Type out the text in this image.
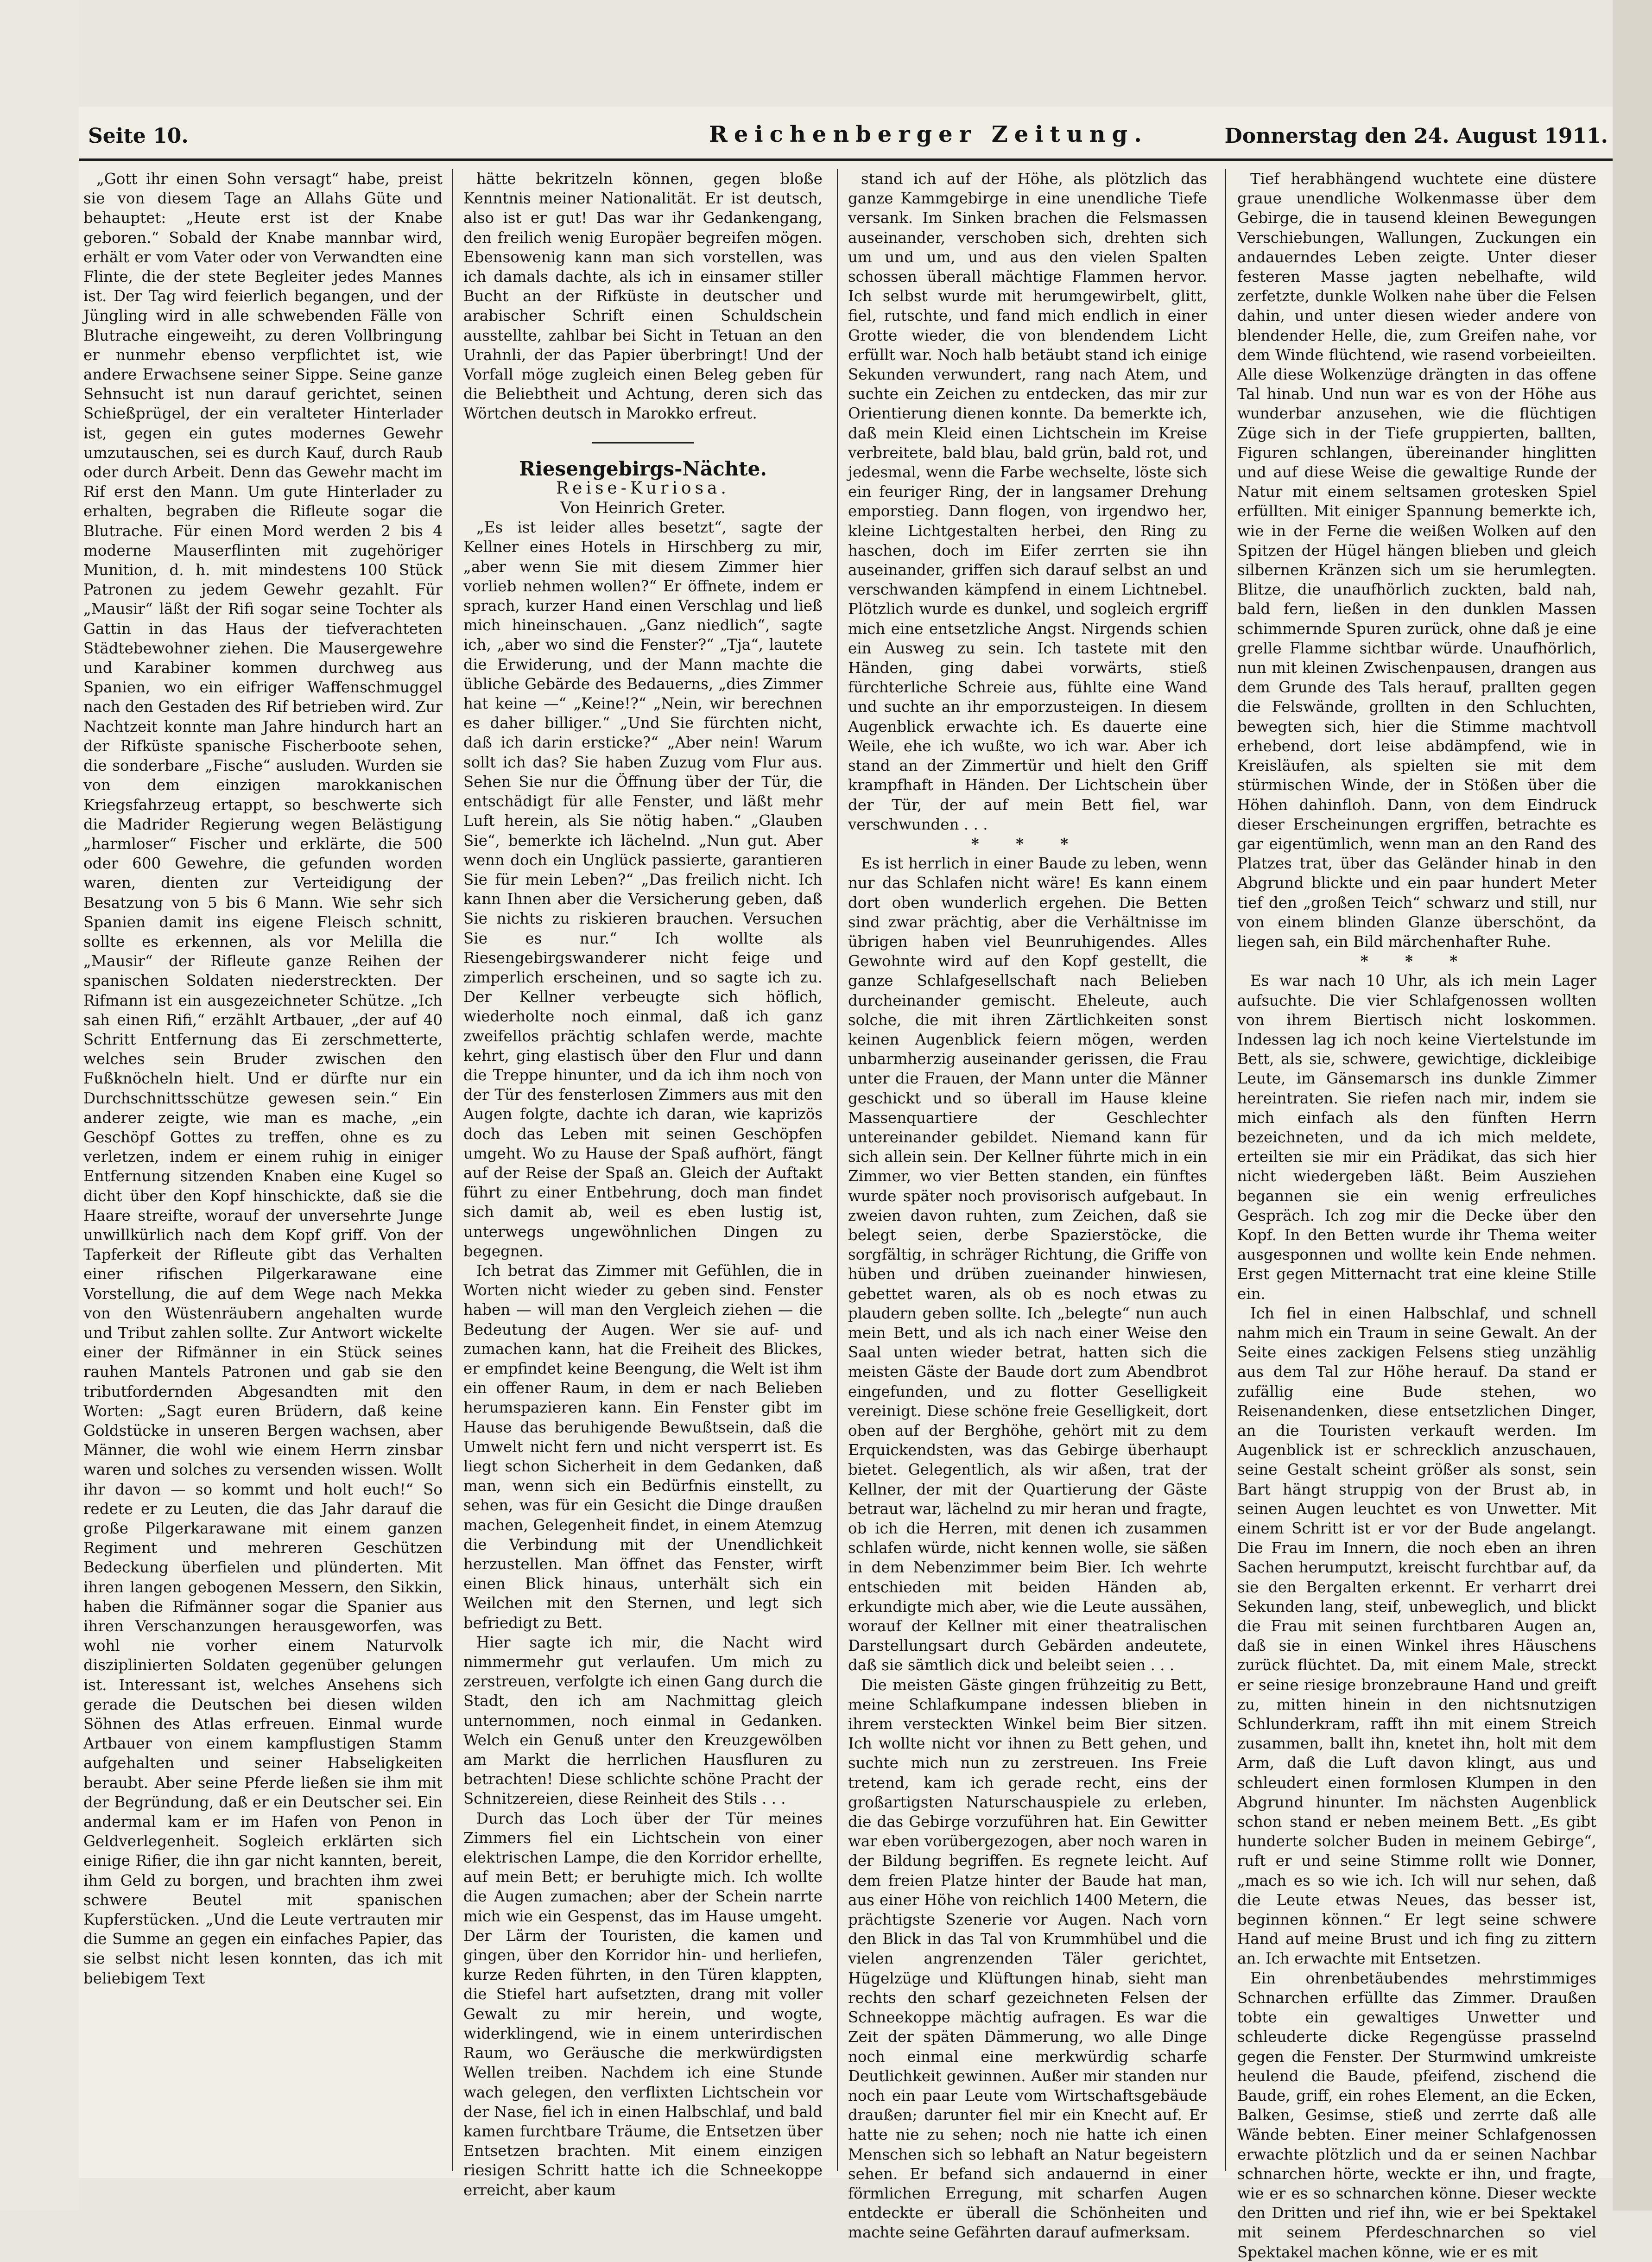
Seite 10.	Reichenberger Zeitung.	Donnerstag den 24. August 1911.

„Gott ihr einen Sohn versagt“ habe, preist sie von diesem Tage an Allahs Güte und behauptet: „Heute erst ist der Knabe geboren.“ Sobald der Knabe mannbar wird, erhält er vom Vater oder von Verwandten eine Flinte, die der stete Begleiter jedes Mannes ist. Der Tag wird feierlich begangen, und der Jüngling wird in alle schwebenden Fälle von Blutrache eingeweiht, zu deren Vollbringung er nunmehr ebenso verpflichtet ist, wie andere Erwachsene seiner Sippe. Seine ganze Sehnsucht ist nun darauf gerichtet, seinen Schießprügel, der ein veralteter Hinterlader ist, gegen ein gutes modernes Gewehr umzutauschen, sei es durch Kauf, durch Raub oder durch Arbeit. Denn das Gewehr macht im Rif erst den Mann. Um gute Hinterlader zu erhalten, begraben die Rifleute sogar die Blutrache. Für einen Mord werden 2 bis 4 moderne Mauserflinten mit zugehöriger Munition, d. h. mit mindestens 100 Stück Patronen zu jedem Gewehr gezahlt. Für „Mausir“ läßt der Rifi sogar seine Tochter als Gattin in das Haus der tiefverachteten Städtebewohner ziehen. Die Mausergewehre und Karabiner kommen durchweg aus Spanien, wo ein eifriger Waffenschmuggel nach den Gestaden des Rif betrieben wird. Zur Nachtzeit konnte man Jahre hindurch hart an der Rifküste spanische Fischerboote sehen, die sonderbare „Fische“ ausluden. Wurden sie von dem einzigen marokkanischen Kriegsfahrzeug ertappt, so beschwerte sich die Madrider Regierung wegen Belästigung „harmloser“ Fischer und erklärte, die 500 oder 600 Gewehre, die gefunden worden waren, dienten zur Verteidigung der Besatzung von 5 bis 6 Mann. Wie sehr sich Spanien damit ins eigene Fleisch schnitt, sollte es erkennen, als vor Melilla die „Mausir“ der Rifleute ganze Reihen der spanischen Soldaten niederstreckten. Der Rifmann ist ein ausgezeichneter Schütze. „Ich sah einen Rifi,“ erzählt Artbauer, „der auf 40 Schritt Entfernung das Ei zerschmetterte, welches sein Bruder zwischen den Fußknöcheln hielt. Und er dürfte nur ein Durchschnittsschütze gewesen sein.“ Ein anderer zeigte, wie man es mache, „ein Geschöpf Gottes zu treffen, ohne es zu verletzen, indem er einem ruhig in einiger Entfernung sitzenden Knaben eine Kugel so dicht über den Kopf hinschickte, daß sie die Haare streifte, worauf der unversehrte Junge unwillkürlich nach dem Kopf griff. Von der Tapferkeit der Rifleute gibt das Verhalten einer rifischen Pilgerkarawane eine Vorstellung, die auf dem Wege nach Mekka von den Wüstenräubern angehalten wurde und Tribut zahlen sollte. Zur Antwort wickelte einer der Rifmänner in ein Stück seines rauhen Mantels Patronen und gab sie den tributfordernden Abgesandten mit den Worten: „Sagt euren Brüdern, daß keine Goldstücke in unseren Bergen wachsen, aber Männer, die wohl wie einem Herrn zinsbar waren und solches zu versenden wissen. Wollt ihr davon — so kommt und holt euch!“ So redete er zu Leuten, die das Jahr darauf die große Pilgerkarawane mit einem ganzen Regiment und mehreren Geschützen Bedeckung überfielen und plünderten. Mit ihren langen gebogenen Messern, den Sikkin, haben die Rifmänner sogar die Spanier aus ihren Verschanzungen herausgeworfen, was wohl nie vorher einem Naturvolk disziplinierten Soldaten gegenüber gelungen ist. Interessant ist, welches Ansehens sich gerade die Deutschen bei diesen wilden Söhnen des Atlas erfreuen. Einmal wurde Artbauer von einem kampflustigen Stamm aufgehalten und seiner Habseligkeiten beraubt. Aber seine Pferde ließen sie ihm mit der Begründung, daß er ein Deutscher sei. Ein andermal kam er im Hafen von Penon in Geldverlegenheit. Sogleich erklärten sich einige Rifier, die ihn gar nicht kannten, bereit, ihm Geld zu borgen, und brachten ihm zwei schwere Beutel mit spanischen Kupferstücken. „Und die Leute vertrauten mir die Summe an gegen ein einfaches Papier, das sie selbst nicht lesen konnten, das ich mit beliebigem Text

hätte bekritzeln können, gegen bloße Kenntnis meiner Nationalität. Er ist deutsch, also ist er gut! Das war ihr Gedankengang, den freilich wenig Europäer begreifen mögen. Ebensowenig kann man sich vorstellen, was ich damals dachte, als ich in einsamer stiller Bucht an der Rifküste in deutscher und arabischer Schrift einen Schuldschein ausstellte, zahlbar bei Sicht in Tetuan an den Urahnli, der das Papier überbringt! Und der Vorfall möge zugleich einen Beleg geben für die Beliebtheit und Achtung, deren sich das Wörtchen deutsch in Marokko erfreut.

Riesengebirgs-Nächte.

Reise-Kuriosa.

Von Heinrich Greter.

„Es ist leider alles besetzt“, sagte der Kellner eines Hotels in Hirschberg zu mir, „aber wenn Sie mit diesem Zimmer hier vorlieb nehmen wollen?“ Er öffnete, indem er sprach, kurzer Hand einen Verschlag und ließ mich hineinschauen. „Ganz niedlich“, sagte ich, „aber wo sind die Fenster?“ „Tja“, lautete die Erwiderung, und der Mann machte die übliche Gebärde des Bedauerns, „dies Zimmer hat keine —“ „Keine!?“ „Nein, wir berechnen es daher billiger.“ „Und Sie fürchten nicht, daß ich darin ersticke?“ „Aber nein! Warum sollt ich das? Sie haben Zuzug vom Flur aus. Sehen Sie nur die Öffnung über der Tür, die entschädigt für alle Fenster, und läßt mehr Luft herein, als Sie nötig haben.“ „Glauben Sie“, bemerkte ich lächelnd. „Nun gut. Aber wenn doch ein Unglück passierte, garantieren Sie für mein Leben?“ „Das freilich nicht. Ich kann Ihnen aber die Versicherung geben, daß Sie nichts zu riskieren brauchen. Versuchen Sie es nur.“ Ich wollte als Riesengebirgswanderer nicht feige und zimperlich erscheinen, und so sagte ich zu. Der Kellner verbeugte sich höflich, wiederholte noch einmal, daß ich ganz zweifellos prächtig schlafen werde, machte kehrt, ging elastisch über den Flur und dann die Treppe hinunter, und da ich ihm noch von der Tür des fensterlosen Zimmers aus mit den Augen folgte, dachte ich daran, wie kaprizös doch das Leben mit seinen Geschöpfen umgeht. Wo zu Hause der Spaß aufhört, fängt auf der Reise der Spaß an. Gleich der Auftakt führt zu einer Entbehrung, doch man findet sich damit ab, weil es eben lustig ist, unterwegs ungewöhnlichen Dingen zu begegnen.

Ich betrat das Zimmer mit Gefühlen, die in Worten nicht wieder zu geben sind. Fenster haben — will man den Vergleich ziehen — die Bedeutung der Augen. Wer sie auf- und zumachen kann, hat die Freiheit des Blickes, er empfindet keine Beengung, die Welt ist ihm ein offener Raum, in dem er nach Belieben herumspazieren kann. Ein Fenster gibt im Hause das beruhigende Bewußtsein, daß die Umwelt nicht fern und nicht versperrt ist. Es liegt schon Sicherheit in dem Gedanken, daß man, wenn sich ein Bedürfnis einstellt, zu sehen, was für ein Gesicht die Dinge draußen machen, Gelegenheit findet, in einem Atemzug die Verbindung mit der Unendlichkeit herzustellen. Man öffnet das Fenster, wirft einen Blick hinaus, unterhält sich ein Weilchen mit den Sternen, und legt sich befriedigt zu Bett.

Hier sagte ich mir, die Nacht wird nimmermehr gut verlaufen. Um mich zu zerstreuen, verfolgte ich einen Gang durch die Stadt, den ich am Nachmittag gleich unternommen, noch einmal in Gedanken. Welch ein Genuß unter den Kreuzgewölben am Markt die herrlichen Hausfluren zu betrachten! Diese schlichte schöne Pracht der Schnitzereien, diese Reinheit des Stils . . .

Durch das Loch über der Tür meines Zimmers fiel ein Lichtschein von einer elektrischen Lampe, die den Korridor erhellte, auf mein Bett; er beruhigte mich. Ich wollte die Augen zumachen; aber der Schein narrte mich wie ein Gespenst, das im Hause umgeht. Der Lärm der Touristen, die kamen und gingen, über den Korridor hin- und herliefen, kurze Reden führten, in den Türen klappten, die Stiefel hart aufsetzten, drang mit voller Gewalt zu mir herein, und wogte, widerklingend, wie in einem unterirdischen Raum, wo Geräusche die merkwürdigsten Wellen treiben. Nachdem ich eine Stunde wach gelegen, den verflixten Lichtschein vor der Nase, fiel ich in einen Halbschlaf, und bald kamen furchtbare Träume, die Entsetzen über Entsetzen brachten. Mit einem einzigen riesigen Schritt hatte ich die Schneekoppe erreicht, aber kaum

stand ich auf der Höhe, als plötzlich das ganze Kammgebirge in eine unendliche Tiefe versank. Im Sinken brachen die Felsmassen auseinander, verschoben sich, drehten sich um und um, und aus den vielen Spalten schossen überall mächtige Flammen hervor. Ich selbst wurde mit herumgewirbelt, glitt, fiel, rutschte, und fand mich endlich in einer Grotte wieder, die von blendendem Licht erfüllt war. Noch halb betäubt stand ich einige Sekunden verwundert, rang nach Atem, und suchte ein Zeichen zu entdecken, das mir zur Orientierung dienen konnte. Da bemerkte ich, daß mein Kleid einen Lichtschein im Kreise verbreitete, bald blau, bald grün, bald rot, und jedesmal, wenn die Farbe wechselte, löste sich ein feuriger Ring, der in langsamer Drehung emporstieg. Dann flogen, von irgendwo her, kleine Lichtgestalten herbei, den Ring zu haschen, doch im Eifer zerrten sie ihn auseinander, griffen sich darauf selbst an und verschwanden kämpfend in einem Lichtnebel. Plötzlich wurde es dunkel, und sogleich ergriff mich eine entsetzliche Angst. Nirgends schien ein Ausweg zu sein. Ich tastete mit den Händen, ging dabei vorwärts, stieß fürchterliche Schreie aus, fühlte eine Wand und suchte an ihr emporzusteigen. In diesem Augenblick erwachte ich. Es dauerte eine Weile, ehe ich wußte, wo ich war. Aber ich stand an der Zimmertür und hielt den Griff krampfhaft in Händen. Der Lichtschein über der Tür, der auf mein Bett fiel, war verschwunden . . .

* * *

Es ist herrlich in einer Baude zu leben, wenn nur das Schlafen nicht wäre! Es kann einem dort oben wunderlich ergehen. Die Betten sind zwar prächtig, aber die Verhältnisse im übrigen haben viel Beunruhigendes. Alles Gewohnte wird auf den Kopf gestellt, die ganze Schlafgesellschaft nach Belieben durcheinander gemischt. Eheleute, auch solche, die mit ihren Zärtlichkeiten sonst keinen Augenblick feiern mögen, werden unbarmherzig auseinander gerissen, die Frau unter die Frauen, der Mann unter die Männer geschickt und so überall im Hause kleine Massenquartiere der Geschlechter untereinander gebildet. Niemand kann für sich allein sein. Der Kellner führte mich in ein Zimmer, wo vier Betten standen, ein fünftes wurde später noch provisorisch aufgebaut. In zweien davon ruhten, zum Zeichen, daß sie belegt seien, derbe Spazierstöcke, die sorgfältig, in schräger Richtung, die Griffe von hüben und drüben zueinander hinwiesen, gebettet waren, als ob es noch etwas zu plaudern geben sollte. Ich „belegte“ nun auch mein Bett, und als ich nach einer Weise den Saal unten wieder betrat, hatten sich die meisten Gäste der Baude dort zum Abendbrot eingefunden, und zu flotter Geselligkeit vereinigt. Diese schöne freie Geselligkeit, dort oben auf der Berghöhe, gehört mit zu dem Erquickendsten, was das Gebirge überhaupt bietet. Gelegentlich, als wir aßen, trat der Kellner, der mit der Quartierung der Gäste betraut war, lächelnd zu mir heran und fragte, ob ich die Herren, mit denen ich zusammen schlafen würde, nicht kennen wolle, sie säßen in dem Nebenzimmer beim Bier. Ich wehrte entschieden mit beiden Händen ab, erkundigte mich aber, wie die Leute aussähen, worauf der Kellner mit einer theatralischen Darstellungsart durch Gebärden andeutete, daß sie sämtlich dick und beleibt seien . . .

Die meisten Gäste gingen frühzeitig zu Bett, meine Schlafkumpane indessen blieben in ihrem versteckten Winkel beim Bier sitzen. Ich wollte nicht vor ihnen zu Bett gehen, und suchte mich nun zu zerstreuen. Ins Freie tretend, kam ich gerade recht, eins der großartigsten Naturschauspiele zu erleben, die das Gebirge vorzuführen hat. Ein Gewitter war eben vorübergezogen, aber noch waren in der Bildung begriffen. Es regnete leicht. Auf dem freien Platze hinter der Baude hat man, aus einer Höhe von reichlich 1400 Metern, die prächtigste Szenerie vor Augen. Nach vorn den Blick in das Tal von Krummhübel und die vielen angrenzenden Täler gerichtet, Hügelzüge und Klüftungen hinab, sieht man rechts den scharf gezeichneten Felsen der Schneekoppe mächtig aufragen. Es war die Zeit der späten Dämmerung, wo alle Dinge noch einmal eine merkwürdig scharfe Deutlichkeit gewinnen. Außer mir standen nur noch ein paar Leute vom Wirtschaftsgebäude draußen; darunter fiel mir ein Knecht auf. Er hatte nie zu sehen; noch nie hatte ich einen Menschen sich so lebhaft an Natur begeistern sehen. Er befand sich andauernd in einer förmlichen Erregung, mit scharfen Augen entdeckte er überall die Schönheiten und machte seine Gefährten darauf aufmerksam.

Tief herabhängend wuchtete eine düstere graue unendliche Wolkenmasse über dem Gebirge, die in tausend kleinen Bewegungen Verschiebungen, Wallungen, Zuckungen ein andauerndes Leben zeigte. Unter dieser festeren Masse jagten nebelhafte, wild zerfetzte, dunkle Wolken nahe über die Felsen dahin, und unter diesen wieder andere von blendender Helle, die, zum Greifen nahe, vor dem Winde flüchtend, wie rasend vorbeieilten. Alle diese Wolkenzüge drängten in das offene Tal hinab. Und nun war es von der Höhe aus wunderbar anzusehen, wie die flüchtigen Züge sich in der Tiefe gruppierten, ballten, Figuren schlangen, übereinander hinglitten und auf diese Weise die gewaltige Runde der Natur mit einem seltsamen grotesken Spiel erfüllten. Mit einiger Spannung bemerkte ich, wie in der Ferne die weißen Wolken auf den Spitzen der Hügel hängen blieben und gleich silbernen Kränzen sich um sie herumlegten. Blitze, die unaufhörlich zuckten, bald nah, bald fern, ließen in den dunklen Massen schimmernde Spuren zurück, ohne daß je eine grelle Flamme sichtbar würde. Unaufhörlich, nun mit kleinen Zwischenpausen, drangen aus dem Grunde des Tals herauf, prallten gegen die Felswände, grollten in den Schluchten, bewegten sich, hier die Stimme machtvoll erhebend, dort leise abdämpfend, wie in Kreisläufen, als spielten sie mit dem stürmischen Winde, der in Stößen über die Höhen dahinfloh. Dann, von dem Eindruck dieser Erscheinungen ergriffen, betrachte es gar eigentümlich, wenn man an den Rand des Platzes trat, über das Geländer hinab in den Abgrund blickte und ein paar hundert Meter tief den „großen Teich“ schwarz und still, nur von einem blinden Glanze überschönt, da liegen sah, ein Bild märchenhafter Ruhe.

* * *

Es war nach 10 Uhr, als ich mein Lager aufsuchte. Die vier Schlafgenossen wollten von ihrem Biertisch nicht loskommen. Indessen lag ich noch keine Viertelstunde im Bett, als sie, schwere, gewichtige, dickleibige Leute, im Gänsemarsch ins dunkle Zimmer hereintraten. Sie riefen nach mir, indem sie mich einfach als den fünften Herrn bezeichneten, und da ich mich meldete, erteilten sie mir ein Prädikat, das sich hier nicht wiedergeben läßt. Beim Ausziehen begannen sie ein wenig erfreuliches Gespräch. Ich zog mir die Decke über den Kopf. In den Betten wurde ihr Thema weiter ausgesponnen und wollte kein Ende nehmen. Erst gegen Mitternacht trat eine kleine Stille ein.

Ich fiel in einen Halbschlaf, und schnell nahm mich ein Traum in seine Gewalt. An der Seite eines zackigen Felsens stieg unzählig aus dem Tal zur Höhe herauf. Da stand er zufällig eine Bude stehen, wo Reisenandenken, diese entsetzlichen Dinger, an die Touristen verkauft werden. Im Augenblick ist er schrecklich anzuschauen, seine Gestalt scheint größer als sonst, sein Bart hängt struppig von der Brust ab, in seinen Augen leuchtet es von Unwetter. Mit einem Schritt ist er vor der Bude angelangt. Die Frau im Innern, die noch eben an ihren Sachen herumputzt, kreischt furchtbar auf, da sie den Bergalten erkennt. Er verharrt drei Sekunden lang, steif, unbeweglich, und blickt die Frau mit seinen furchtbaren Augen an, daß sie in einen Winkel ihres Häuschens zurück flüchtet. Da, mit einem Male, streckt er seine riesige bronzebraune Hand und greift zu, mitten hinein in den nichtsnutzigen Schlunderkram, rafft ihn mit einem Streich zusammen, ballt ihn, knetet ihn, holt mit dem Arm, daß die Luft davon klingt, aus und schleudert einen formlosen Klumpen in den Abgrund hinunter. Im nächsten Augenblick schon stand er neben meinem Bett. „Es gibt hunderte solcher Buden in meinem Gebirge“, ruft er und seine Stimme rollt wie Donner, „mach es so wie ich. Ich will nur sehen, daß die Leute etwas Neues, das besser ist, beginnen können.“ Er legt seine schwere Hand auf meine Brust und ich fing zu zittern an. Ich erwachte mit Entsetzen.

Ein ohrenbetäubendes mehrstimmiges Schnarchen erfüllte das Zimmer. Draußen tobte ein gewaltiges Unwetter und schleuderte dicke Regengüsse prasselnd gegen die Fenster. Der Sturmwind umkreiste heulend die Baude, pfeifend, zischend die Baude, griff, ein rohes Element, an die Ecken, Balken, Gesimse, stieß und zerrte daß alle Wände bebten. Einer meiner Schlafgenossen erwachte plötzlich und da er seinen Nachbar schnarchen hörte, weckte er ihn, und fragte, wie er es so schnarchen könne. Dieser weckte den Dritten und rief ihn, wie er bei Spektakel mit seinem Pferdeschnarchen so viel Spektakel machen könne, wie er es mit
